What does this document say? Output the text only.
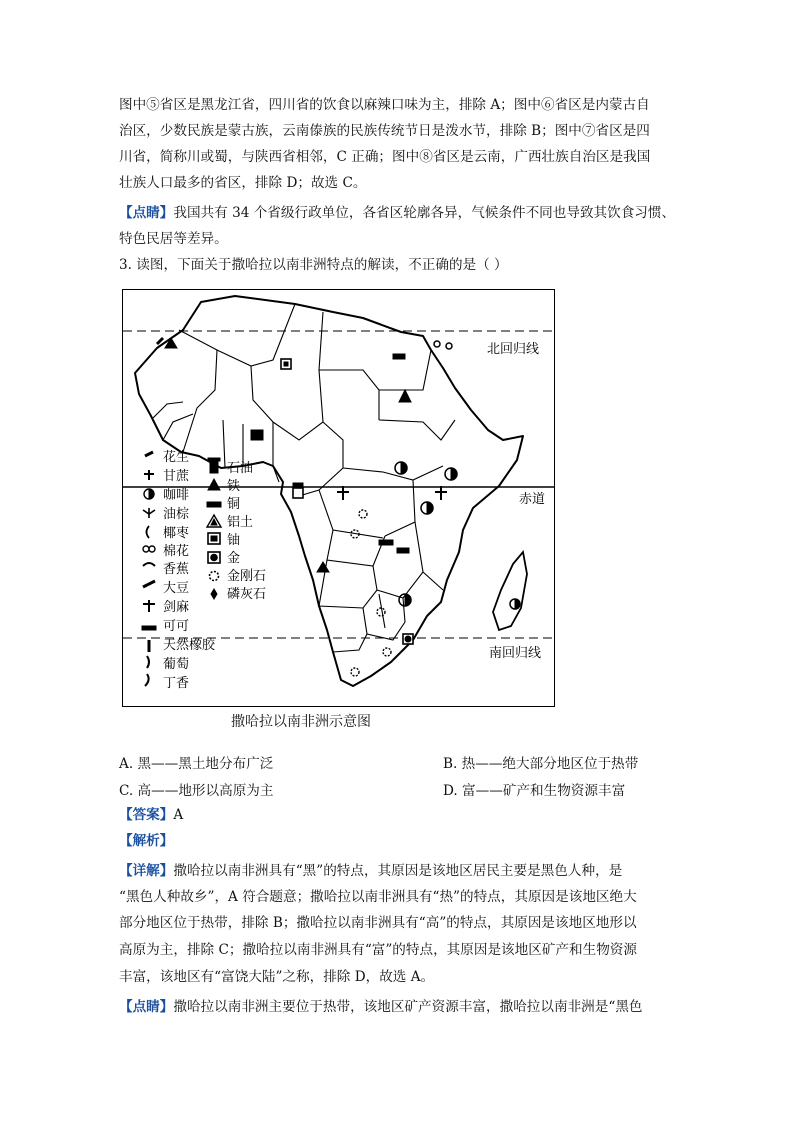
图中⑤省区是黑龙江省，四川省的饮食以麻辣口味为主，排除 A；图中⑥省区是内蒙古自
治区，少数民族是蒙古族，云南傣族的民族传统节日是泼水节，排除 B；图中⑦省区是四
川省，简称川或蜀，与陕西省相邻，C 正确；图中⑧省区是云南，广西壮族自治区是我国
壮族人口最多的省区，排除 D；故选 C。
【点睛】我国共有 34 个省级行政单位，各省区轮廓各异，气候条件不同也导致其饮食习惯、
特色民居等差异。
3. 读图，下面关于撒哈拉以南非洲特点的解读，不正确的是（ ）
花生
甘蔗
咖啡
油棕
椰枣
棉花
香蕉
大豆
剑麻
可可
天然橡胶
葡萄
丁香
石油
铁
铜
铝土
铀
金
金刚石
磷灰石
北回归线
赤道
南回归线
撒哈拉以南非洲示意图
A. 黑——黑土地分布广泛	B. 热——绝大部分地区位于热带
C. 高——地形以高原为主	D. 富——矿产和生物资源丰富
【答案】A
【解析】
【详解】撒哈拉以南非洲具有“黑”的特点，其原因是该地区居民主要是黑色人种，是
“黑色人种故乡”，A 符合题意；撒哈拉以南非洲具有“热”的特点，其原因是该地区绝大
部分地区位于热带，排除 B；撒哈拉以南非洲具有“高”的特点，其原因是该地区地形以
高原为主，排除 C；撒哈拉以南非洲具有“富”的特点，其原因是该地区矿产和生物资源
丰富，该地区有“富饶大陆”之称，排除 D，故选 A。
【点睛】撒哈拉以南非洲主要位于热带，该地区矿产资源丰富，撒哈拉以南非洲是“黑色
